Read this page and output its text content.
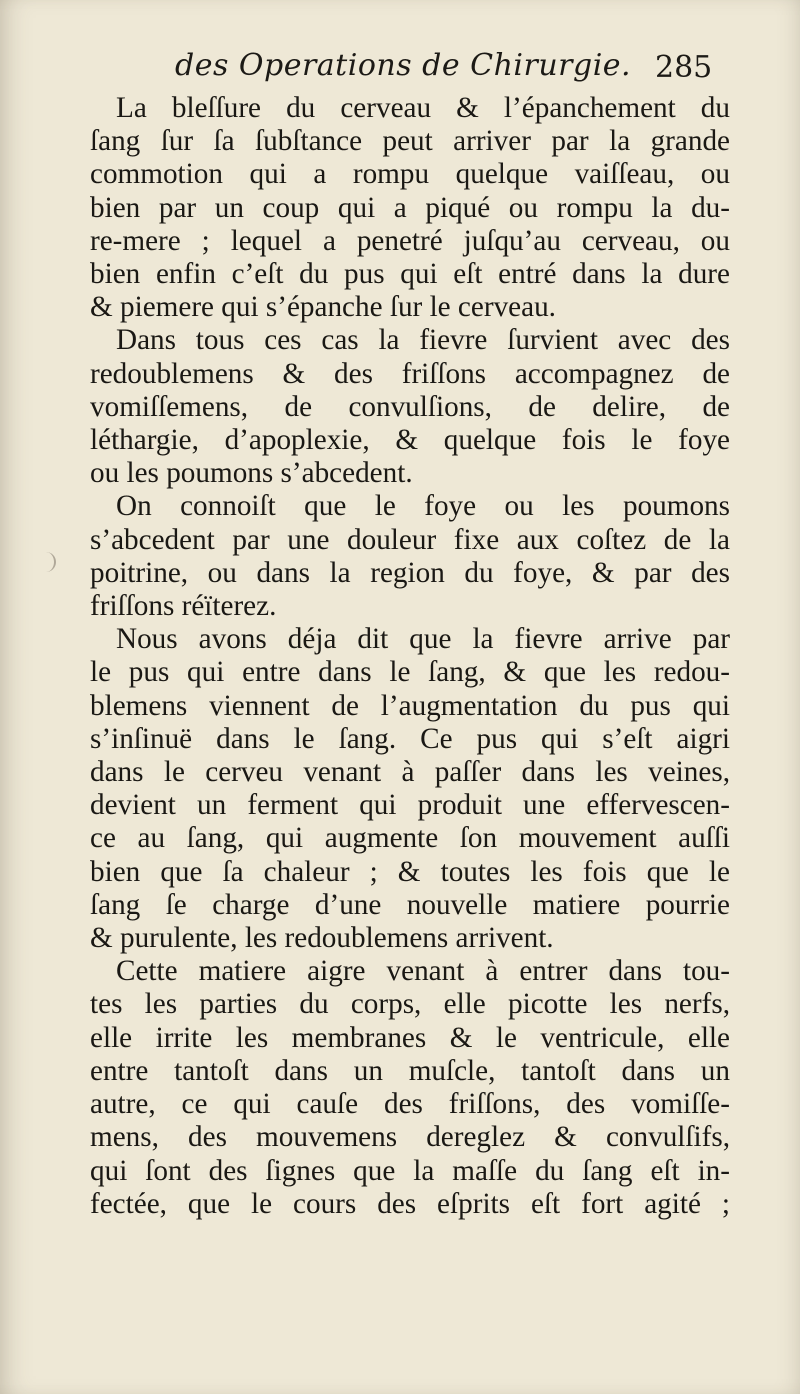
des Operations de Chirurgie. 285
La bleſſure du cerveau & l’épanchement du
ſang ſur ſa ſubſtance peut arriver par la grande
commotion qui a rompu quelque vaiſſeau, ou
bien par un coup qui a piqué ou rompu la du-
re-mere ; lequel a penetré juſqu’au cerveau, ou
bien enfin c’eſt du pus qui eſt entré dans la dure
& piemere qui s’épanche ſur le cerveau.
Dans tous ces cas la fievre ſurvient avec des
redoublemens & des friſſons accompagnez de
vomiſſemens, de convulſions, de delire, de
léthargie, d’apoplexie, & quelque fois le foye
ou les poumons s’abcedent.
On connoiſt que le foye ou les poumons
s’abcedent par une douleur fixe aux coſtez de la
poitrine, ou dans la region du foye, & par des
friſſons réïterez.
Nous avons déja dit que la fievre arrive par
le pus qui entre dans le ſang, & que les redou-
blemens viennent de l’augmentation du pus qui
s’inſinuë dans le ſang. Ce pus qui s’eſt aigri
dans le cerveu venant à paſſer dans les veines,
devient un ferment qui produit une effervescen-
ce au ſang, qui augmente ſon mouvement auſſi
bien que ſa chaleur ; & toutes les fois que le
ſang ſe charge d’une nouvelle matiere pourrie
& purulente, les redoublemens arrivent.
Cette matiere aigre venant à entrer dans tou-
tes les parties du corps, elle picotte les nerfs,
elle irrite les membranes & le ventricule, elle
entre tantoſt dans un muſcle, tantoſt dans un
autre, ce qui cauſe des friſſons, des vomiſſe-
mens, des mouvemens dereglez & convulſifs,
qui ſont des ſignes que la maſſe du ſang eſt in-
fectée, que le cours des eſprits eſt fort agité ;
